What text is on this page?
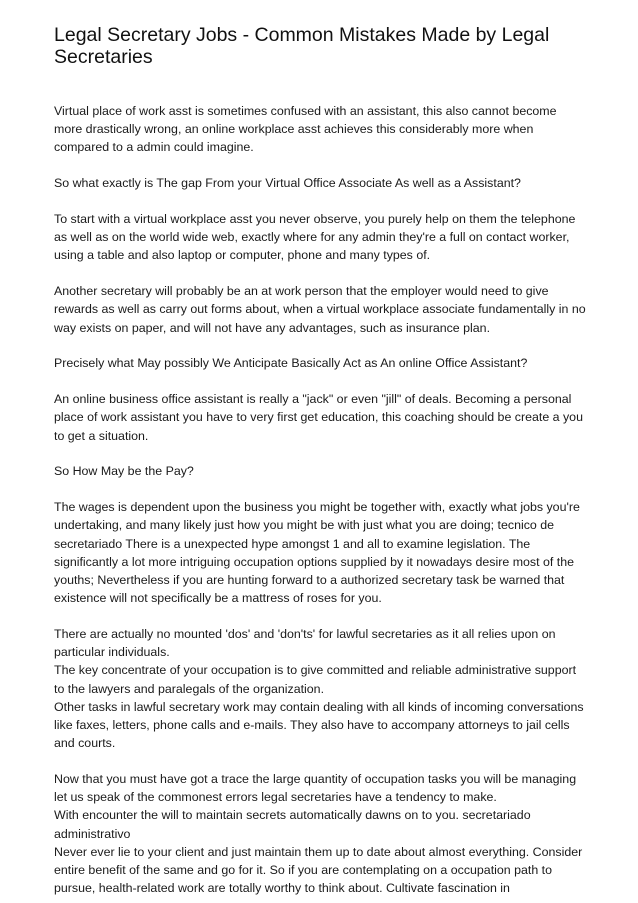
Legal Secretary Jobs - Common Mistakes Made by Legal Secretaries

Virtual place of work asst is sometimes confused with an assistant, this also cannot become more drastically wrong, an online workplace asst achieves this considerably more when compared to a admin could imagine.

So what exactly is The gap From your Virtual Office Associate As well as a Assistant?

To start with a virtual workplace asst you never observe, you purely help on them the telephone as well as on the world wide web, exactly where for any admin they're a full on contact worker, using a table and also laptop or computer, phone and many types of.

Another secretary will probably be an at work person that the employer would need to give rewards as well as carry out forms about, when a virtual workplace associate fundamentally in no way exists on paper, and will not have any advantages, such as insurance plan.

Precisely what May possibly We Anticipate Basically Act as An online Office Assistant?

An online business office assistant is really a "jack" or even "jill" of deals. Becoming a personal place of work assistant you have to very first get education, this coaching should be create a you to get a situation.

So How May be the Pay?

The wages is dependent upon the business you might be together with, exactly what jobs you're undertaking, and many likely just how you might be with just what you are doing; tecnico de secretariado There is a unexpected hype amongst 1 and all to examine legislation. The significantly a lot more intriguing occupation options supplied by it nowadays desire most of the youths; Nevertheless if you are hunting forward to a authorized secretary task be warned that existence will not specifically be a mattress of roses for you.

There are actually no mounted 'dos' and 'don'ts' for lawful secretaries as it all relies upon on particular individuals.

The key concentrate of your occupation is to give committed and reliable administrative support to the lawyers and paralegals of the organization.

Other tasks in lawful secretary work may contain dealing with all kinds of incoming conversations like faxes, letters, phone calls and e-mails. They also have to accompany attorneys to jail cells and courts.

Now that you must have got a trace the large quantity of occupation tasks you will be managing let us speak of the commonest errors legal secretaries have a tendency to make.

With encounter the will to maintain secrets automatically dawns on to you. secretariado administrativo

Never ever lie to your client and just maintain them up to date about almost everything. Consider entire benefit of the same and go for it. So if you are contemplating on a occupation path to pursue, health-related work are totally worthy to think about. Cultivate fascination in
